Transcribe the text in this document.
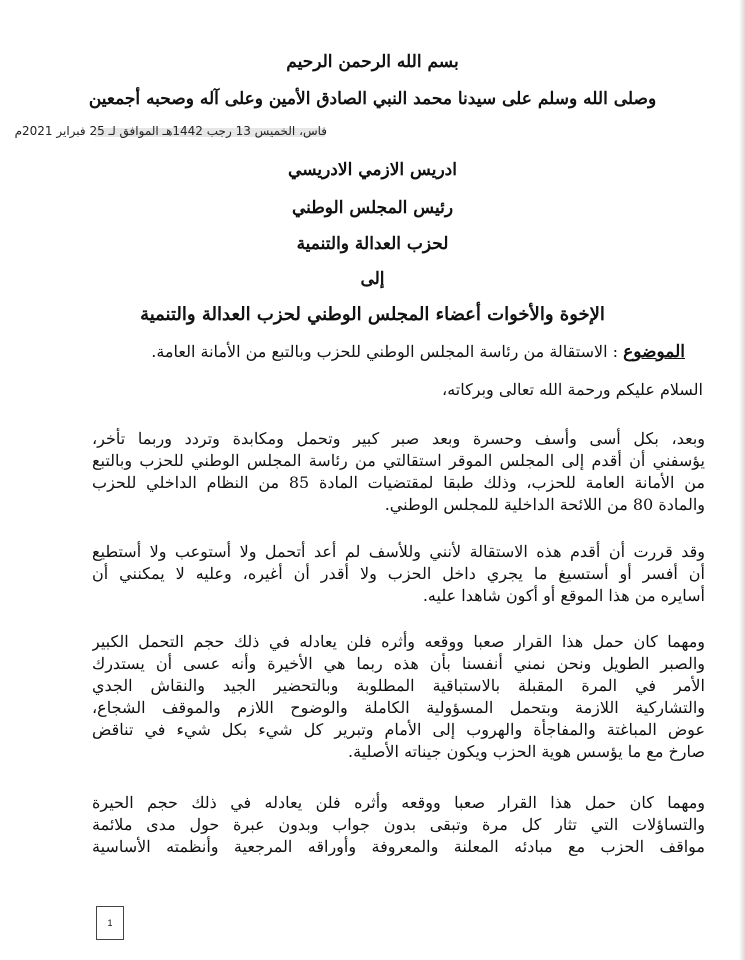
بسم الله الرحمن الرحيم
وصلى الله وسلم على سيدنا محمد النبي الصادق الأمين وعلى آله وصحبه أجمعين
فاس، الخميس 13 رجب 1442هـ الموافق لـ 25 فبراير 2021م
ادريس الازمي الادريسي
رئيس المجلس الوطني
لحزب العدالة والتنمية
إلى
الإخوة والأخوات أعضاء المجلس الوطني لحزب العدالة والتنمية
الموضوع : الاستقالة من رئاسة المجلس الوطني للحزب وبالتبع من الأمانة العامة.
السلام عليكم ورحمة الله تعالى وبركاته،
وبعد، بكل أسى وأسف وحسرة وبعد صبر كبير وتحمل ومكابدة وتردد وربما تأخر،
يؤسفني أن أقدم إلى المجلس الموقر استقالتي من رئاسة المجلس الوطني للحزب وبالتبع
من الأمانة العامة للحزب، وذلك طبقا لمقتضيات المادة 85 من النظام الداخلي للحزب
والمادة 80 من اللائحة الداخلية للمجلس الوطني.
وقد قررت أن أقدم هذه الاستقالة لأنني وللأسف لم أعد أتحمل ولا أستوعب ولا أستطيع
أن أفسر أو أستسيغ ما يجري داخل الحزب ولا أقدر أن أغيره، وعليه لا يمكنني أن
أسايره من هذا الموقع أو أكون شاهدا عليه.
ومهما كان حمل هذا القرار صعبا ووقعه وأثره فلن يعادله في ذلك حجم التحمل الكبير
والصبر الطويل ونحن نمني أنفسنا بأن هذه ربما هي الأخيرة وأنه عسى أن يستدرك
الأمر في المرة المقبلة بالاستباقية المطلوبة وبالتحضير الجيد والنقاش الجدي
والتشاركية اللازمة وبتحمل المسؤولية الكاملة والوضوح اللازم والموقف الشجاع،
عوض المباغتة والمفاجأة والهروب إلى الأمام وتبرير كل شيء بكل شيء في تناقض
صارخ مع ما يؤسس هوية الحزب ويكون جيناته الأصلية.
ومهما كان حمل هذا القرار صعبا ووقعه وأثره فلن يعادله في ذلك حجم الحيرة
والتساؤلات التي تثار كل مرة وتبقى بدون جواب وبدون عبرة حول مدى ملائمة
مواقف الحزب مع مبادئه المعلنة والمعروفة وأوراقه المرجعية وأنظمته الأساسية
1
